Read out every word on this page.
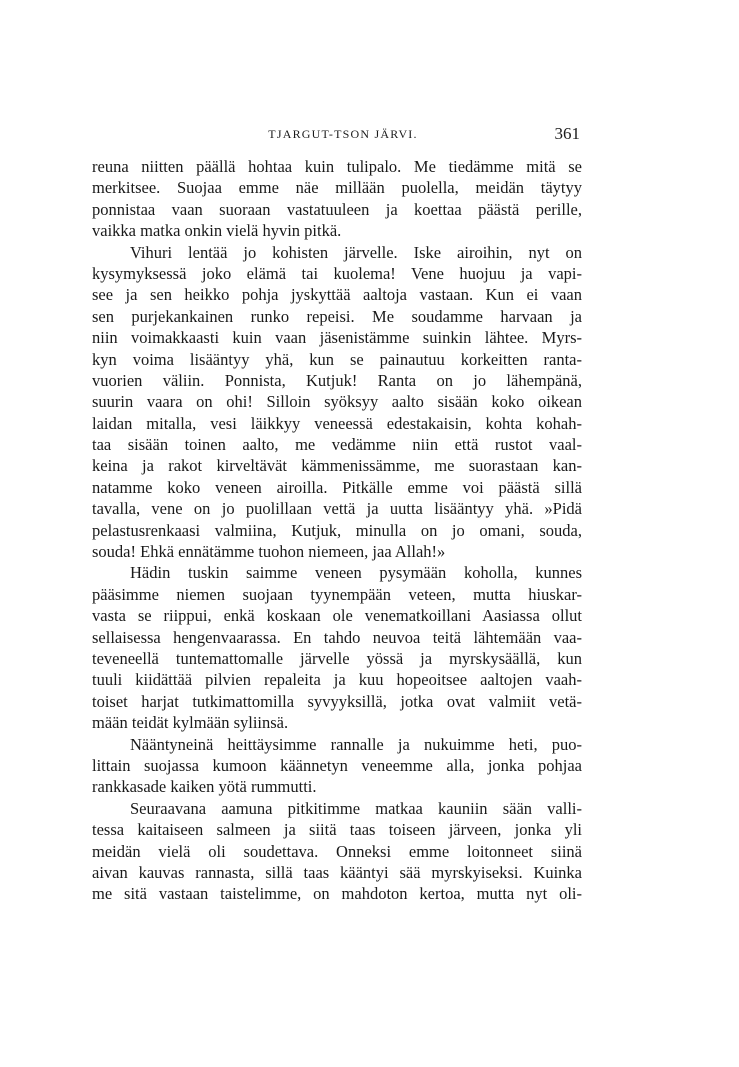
TJARGUT-TSON JÄRVI.	361
reuna niitten päällä hohtaa kuin tulipalo. Me tiedämme mitä se
merkitsee. Suojaa emme näe millään puolella, meidän täytyy
ponnistaa vaan suoraan vastatuuleen ja koettaa päästä perille,
vaikka matka onkin vielä hyvin pitkä.
Vihuri lentää jo kohisten järvelle. Iske airoihin, nyt on
kysymyksessä joko elämä tai kuolema! Vene huojuu ja vapi-
see ja sen heikko pohja jyskyttää aaltoja vastaan. Kun ei vaan
sen purjekankainen runko repeisi. Me soudamme harvaan ja
niin voimakkaasti kuin vaan jäsenistämme suinkin lähtee. Myrs-
kyn voima lisääntyy yhä, kun se painautuu korkeitten ranta-
vuorien väliin. Ponnista, Kutjuk! Ranta on jo lähempänä,
suurin vaara on ohi! Silloin syöksyy aalto sisään koko oikean
laidan mitalla, vesi läikkyy veneessä edestakaisin, kohta kohah-
taa sisään toinen aalto, me vedämme niin että rustot vaal-
keina ja rakot kirveltävät kämmenissämme, me suorastaan kan-
natamme koko veneen airoilla. Pitkälle emme voi päästä sillä
tavalla, vene on jo puolillaan vettä ja uutta lisääntyy yhä. »Pidä
pelastusrenkaasi valmiina, Kutjuk, minulla on jo omani, souda,
souda! Ehkä ennätämme tuohon niemeen, jaa Allah!»
Hädin tuskin saimme veneen pysymään koholla, kunnes
pääsimme niemen suojaan tyynempään veteen, mutta hiuskar-
vasta se riippui, enkä koskaan ole venematkoillani Aasiassa ollut
sellaisessa hengenvaarassa. En tahdo neuvoa teitä lähtemään vaa-
teveneellä tuntemattomalle järvelle yössä ja myrskysäällä, kun
tuuli kiidättää pilvien repaleita ja kuu hopeoitsee aaltojen vaah-
toiset harjat tutkimattomilla syvyyksillä, jotka ovat valmiit vetä-
mään teidät kylmään syliinsä.
Nääntyneinä heittäysimme rannalle ja nukuimme heti, puo-
littain suojassa kumoon käännetyn veneemme alla, jonka pohjaa
rankkasade kaiken yötä rummutti.
Seuraavana aamuna pitkitimme matkaa kauniin sään valli-
tessa kaitaiseen salmeen ja siitä taas toiseen järveen, jonka yli
meidän vielä oli soudettava. Onneksi emme loitonneet siinä
aivan kauvas rannasta, sillä taas kääntyi sää myrskyiseksi. Kuinka
me sitä vastaan taistelimme, on mahdoton kertoa, mutta nyt oli-
